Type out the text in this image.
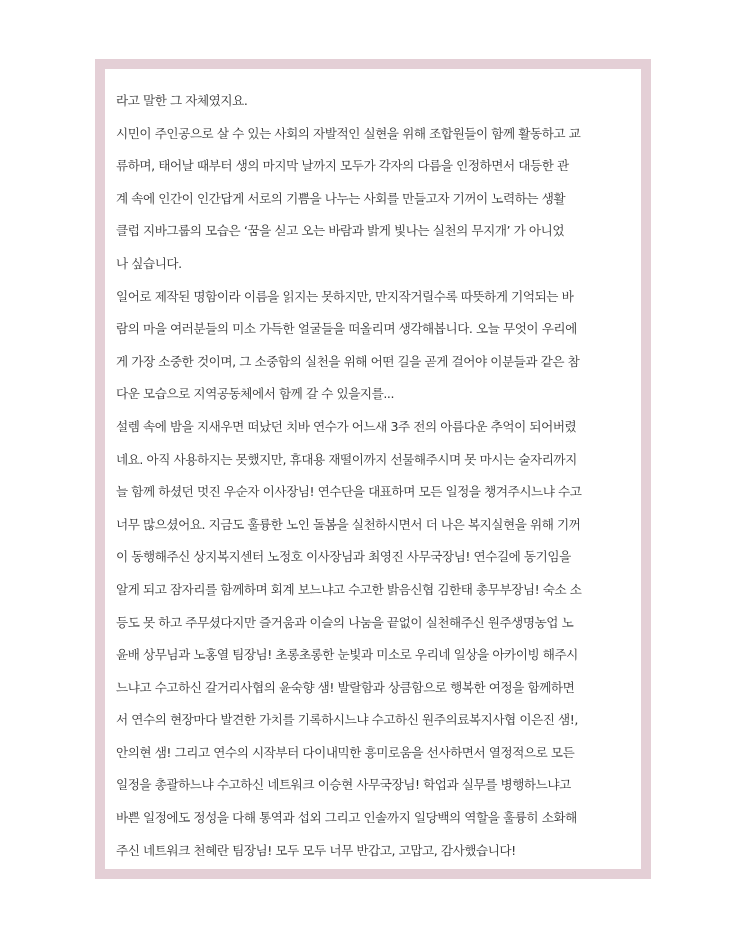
라고 말한 그 자체였지요.
시민이 주인공으로 살 수 있는 사회의 자발적인 실현을 위해 조합원들이 함께 활동하고 교
류하며, 태어날 때부터 생의 마지막 날까지 모두가 각자의 다름을 인정하면서 대등한 관
계 속에 인간이 인간답게 서로의 기쁨을 나누는 사회를 만들고자 기꺼이 노력하는 생활
클럽 지바그룹의 모습은 ‘꿈을 싣고 오는 바람과 밝게 빛나는 실천의 무지개’ 가 아니었
나 싶습니다.
일어로 제작된 명함이라 이름을 읽지는 못하지만, 만지작거릴수록 따뜻하게 기억되는 바
람의 마을 여러분들의 미소 가득한 얼굴들을 떠올리며 생각해봅니다. 오늘 무엇이 우리에
게 가장 소중한 것이며, 그 소중함의 실천을 위해 어떤 길을 곧게 걸어야 이분들과 같은 참
다운 모습으로 지역공동체에서 함께 갈 수 있을지를...
설렘 속에 밤을 지새우면 떠났던 치바 연수가 어느새 3주 전의 아름다운 추억이 되어버렸
네요. 아직 사용하지는 못했지만, 휴대용 재떨이까지 선물해주시며 못 마시는 술자리까지
늘 함께 하셨던 멋진 우순자 이사장님! 연수단을 대표하며 모든 일정을 챙겨주시느냐 수고
너무 많으셨어요. 지금도 훌륭한 노인 돌봄을 실천하시면서 더 나은 복지실현을 위해 기꺼
이 동행해주신 상지복지센터 노정호 이사장님과 최영진 사무국장님! 연수길에 동기임을
알게 되고 잠자리를 함께하며 회계 보느냐고 수고한 밝음신협 김한태 총무부장님! 숙소 소
등도 못 하고 주무셨다지만 즐거움과 이슬의 나눔을 끝없이 실천해주신 원주생명농업 노
윤배 상무님과 노홍열 팀장님! 초롱초롱한 눈빛과 미소로 우리네 일상을 아카이빙 해주시
느냐고 수고하신 갈거리사협의 윤숙향 샘! 발랄함과 상큼함으로 행복한 여정을 함께하면
서 연수의 현장마다 발견한 가치를 기록하시느냐 수고하신 원주의료복지사협 이은진 샘!,
안의현 샘! 그리고 연수의 시작부터 다이내믹한 흥미로움을 선사하면서 열정적으로 모든
일정을 총괄하느냐 수고하신 네트워크 이승현 사무국장님! 학업과 실무를 병행하느냐고
바쁜 일정에도 정성을 다해 통역과 섭외 그리고 인솔까지 일당백의 역할을 훌륭히 소화해
주신 네트워크 천혜란 팀장님! 모두 모두 너무 반갑고, 고맙고, 감사했습니다!
